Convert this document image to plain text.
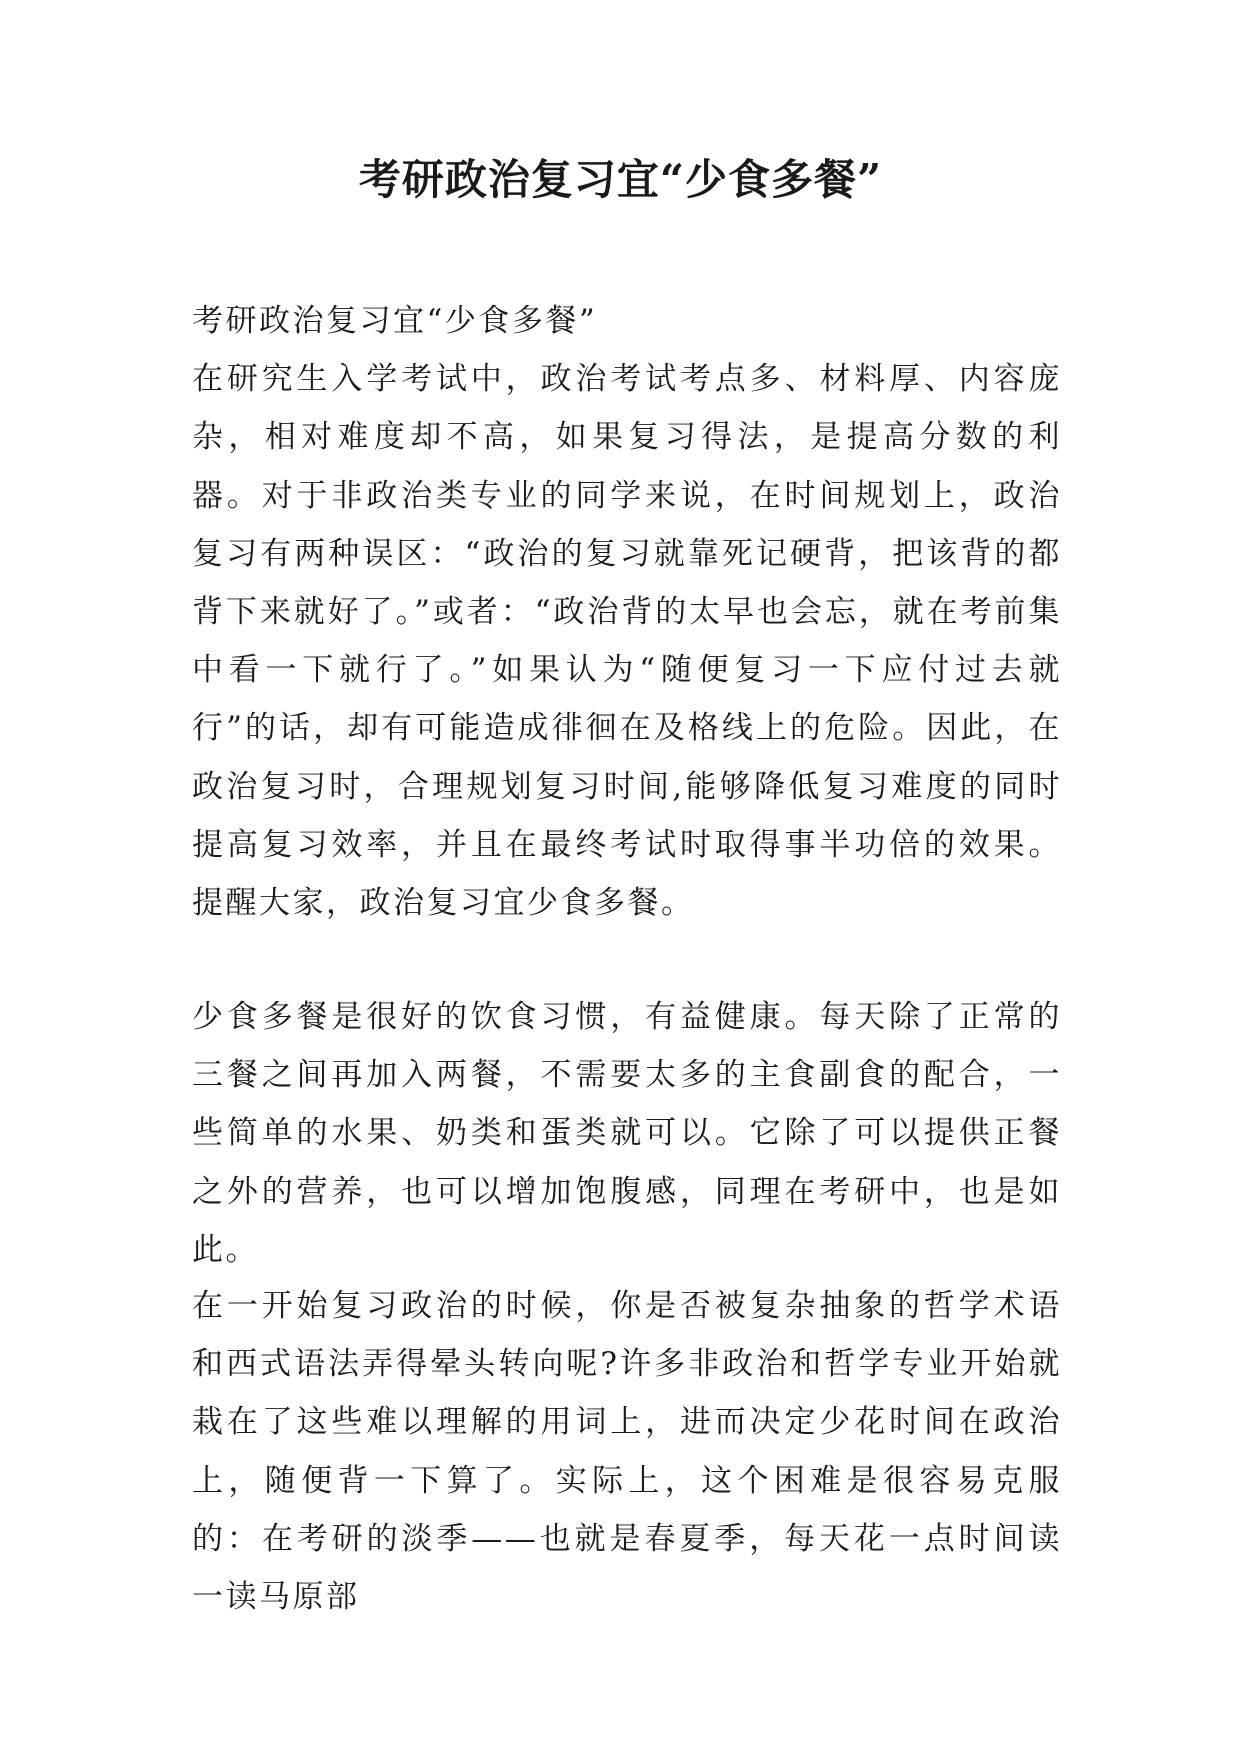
考研政治复习宜“少食多餐”
考研政治复习宜“少食多餐”
在研究生入学考试中，政治考试考点多、材料厚、内容庞杂，相对难度却不高，如果复习得法，是提高分数的利器。对于非政治类专业的同学来说，在时间规划上，政治复习有两种误区：“政治的复习就靠死记硬背，把该背的都背下来就好了。”或者：“政治背的太早也会忘，就在考前集中看一下就行了。”如果认为“随便复习一下应付过去就行”的话，却有可能造成徘徊在及格线上的危险。因此，在政治复习时，合理规划复习时间,能够降低复习难度的同时提高复习效率，并且在最终考试时取得事半功倍的效果。提醒大家，政治复习宜少食多餐。

少食多餐是很好的饮食习惯，有益健康。每天除了正常的三餐之间再加入两餐，不需要太多的主食副食的配合，一些简单的水果、奶类和蛋类就可以。它除了可以提供正餐之外的营养，也可以增加饱腹感，同理在考研中，也是如此。

在一开始复习政治的时候，你是否被复杂抽象的哲学术语和西式语法弄得晕头转向呢?许多非政治和哲学专业开始就栽在了这些难以理解的用词上，进而决定少花时间在政治上，随便背一下算了。实际上，这个困难是很容易克服的：在考研的淡季——也就是春夏季，每天花一点时间读一读马原部
